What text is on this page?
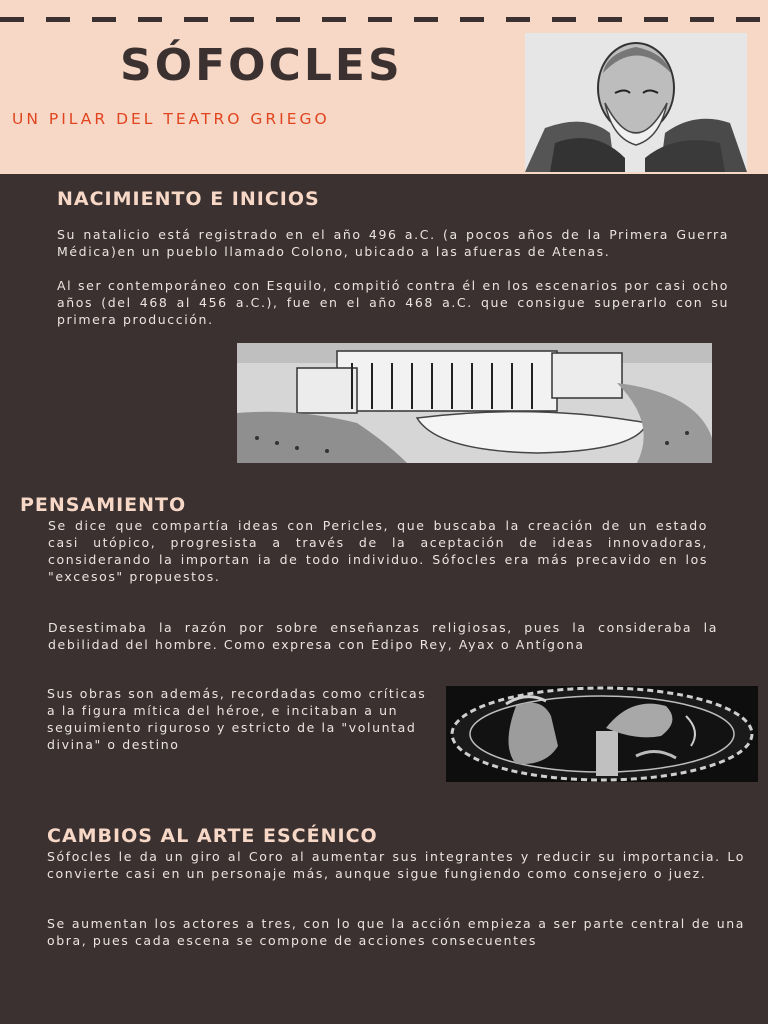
SÓFOCLES
UN PILAR DEL TEATRO GRIEGO
NACIMIENTO E INICIOS
Su natalicio está registrado en el año 496 a.C. (a pocos años de la Primera Guerra Médica)en un pueblo llamado Colono, ubicado a las afueras de Atenas.
Al ser contemporáneo con Esquilo, compitió contra él en los escenarios por casi ocho años (del 468 al 456 a.C.), fue en el año 468 a.C. que consigue superarlo con su primera producción.
PENSAMIENTO
Se dice que compartía ideas con Pericles, que buscaba la creación de un estado casi utópico, progresista a través de la aceptación de ideas innovadoras, considerando la importan ia de todo individuo. Sófocles era más precavido en los "excesos" propuestos.
Desestimaba la razón por sobre enseñanzas religiosas, pues la consideraba la debilidad del hombre. Como expresa con Edipo Rey, Ayax o Antígona
Sus obras son además, recordadas como críticas a la figura mítica del héroe, e incitaban a un seguimiento riguroso y estricto de la "voluntad divina" o destino
CAMBIOS AL ARTE ESCÉNICO
Sófocles le da un giro al Coro al aumentar sus integrantes y reducir su importancia. Lo convierte casi en un personaje más, aunque sigue fungiendo como consejero o juez.
Se aumentan los actores a tres, con lo que la acción empieza a ser parte central de una obra, pues cada escena se compone de acciones consecuentes
